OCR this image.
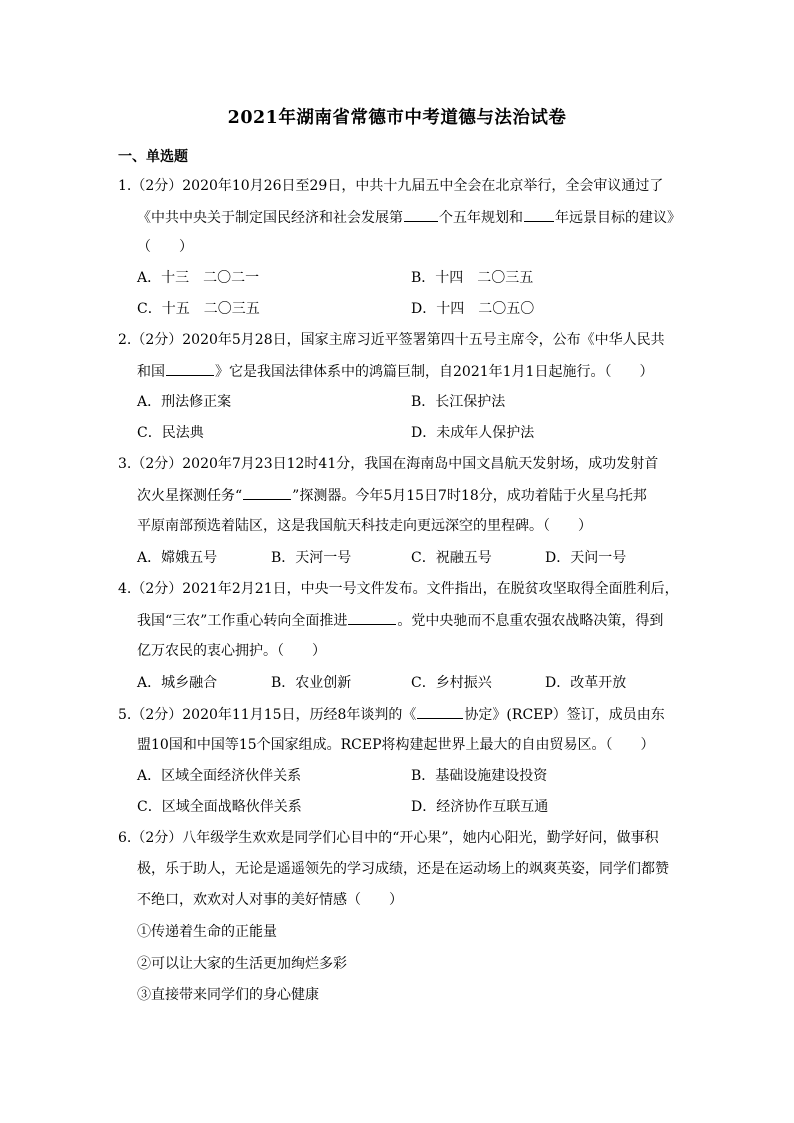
2021年湖南省常德市中考道德与法治试卷
一、单选题
1.（2分）2020年10月26日至29日，中共十九届五中全会在北京举行，全会审议通过了
《中共中央关于制定国民经济和社会发展第	个五年规划和 年远景目标的建议》
（　　）
A．十三　二〇二一	B．十四　二〇三五
C．十五　二〇三五	D．十四　二〇五〇
2.（2分）2020年5月28日，国家主席习近平签署第四十五号主席令，公布《中华人民共
和国	》它是我国法律体系中的鸿篇巨制，自2021年1月1日起施行。（　　）
A．刑法修正案	B．长江保护法
C．民法典	D．未成年人保护法
3.（2分）2020年7月23日12时41分，我国在海南岛中国文昌航天发射场，成功发射首
次火星探测任务“	”探测器。今年5月15日7时18分，成功着陆于火星乌托邦
平原南部预选着陆区，这是我国航天科技走向更远深空的里程碑。（　　）
A．嫦娥五号	B．天河一号	C．祝融五号	D．天问一号
4.（2分）2021年2月21日，中央一号文件发布。文件指出，在脱贫攻坚取得全面胜利后，
我国“三农”工作重心转向全面推进	。党中央驰而不息重农强农战略决策，得到
亿万农民的衷心拥护。（　　）
A．城乡融合	B．农业创新	C．乡村振兴	D．改革开放
5.（2分）2020年11月15日，历经8年谈判的《	协定》(RCEP）签订，成员由东
盟10国和中国等15个国家组成。RCEP将构建起世界上最大的自由贸易区。（　　）
A．区域全面经济伙伴关系	B．基础设施建设投资
C．区域全面战略伙伴关系	D．经济协作互联互通
6.（2分）八年级学生欢欢是同学们心目中的“开心果”，她内心阳光，勤学好问，做事积
极，乐于助人，无论是遥遥领先的学习成绩，还是在运动场上的飒爽英姿，同学们都赞
不绝口，欢欢对人对事的美好情感（　　）
①传递着生命的正能量
②可以让大家的生活更加绚烂多彩
③直接带来同学们的身心健康
